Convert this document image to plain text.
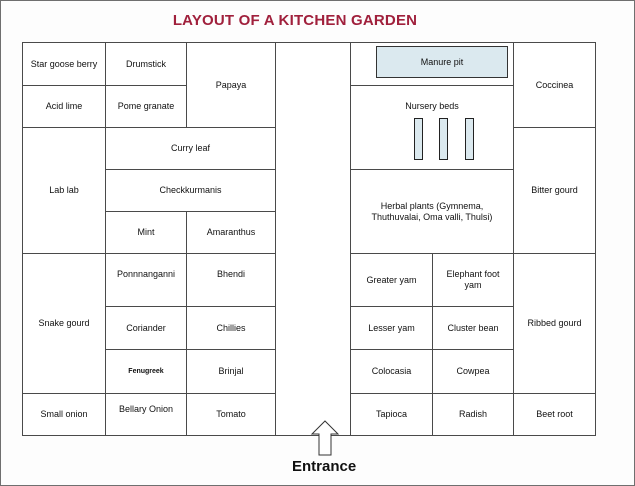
LAYOUT OF A KITCHEN GARDEN
Star goose berry	Drumstick
Papaya
Acid lime	Pome granate
Lab lab
Curry leaf
Checkkurmanis
Mint	Amaranthus
Snake gourd
Ponnnanganni	Bhendi
Coriander	Chillies
Fenugreek	Brinjal
Small onion	Bellary Onion	Tomato
Manure pit
Nursery beds
Coccinea
Herbal plants (Gymnema, Thuthuvalai, Oma valli, Thulsi)
Bitter gourd
Greater yam
Elephant foot yam
Ribbed gourd
Lesser yam	Cluster bean
Colocasia	Cowpea
Tapioca	Radish	Beet root
Entrance
